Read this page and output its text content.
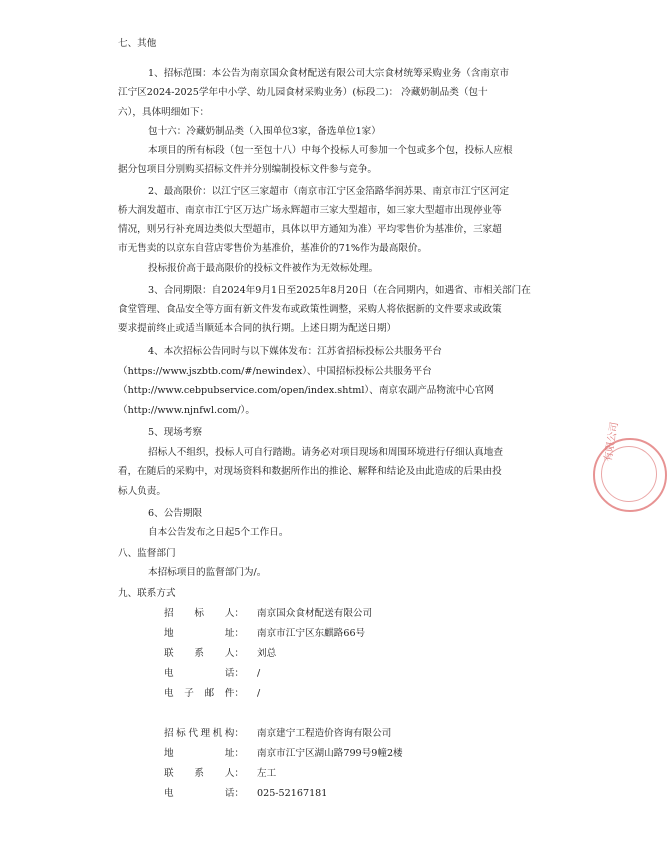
七、其他
1、招标范围：本公告为南京国众食材配送有限公司大宗食材统筹采购业务（含南京市
江宁区2024-2025学年中小学、幼儿园食材采购业务）(标段二)： 冷藏奶制品类（包十
六），具体明细如下：
包十六：冷藏奶制品类（入围单位3家，备选单位1家）
本项目的所有标段（包一至包十八）中每个投标人可参加一个包或多个包，投标人应根
据分包项目分别购买招标文件并分别编制投标文件参与竞争。
2、最高限价：以江宁区三家超市（南京市江宁区金箔路华润苏果、南京市江宁区河定
桥大润发超市、南京市江宁区万达广场永辉超市三家大型超市，如三家大型超市出现停业等
情况，则另行补充周边类似大型超市，具体以甲方通知为准）平均零售价为基准价，三家超
市无售卖的以京东自营店零售价为基准价，基准价的71%作为最高限价。
投标报价高于最高限价的投标文件被作为无效标处理。
3、合同期限：自2024年9月1日至2025年8月20日（在合同期内，如遇省、市相关部门在
食堂管理、食品安全等方面有新文件发布或政策性调整，采购人将依据新的文件要求或政策
要求提前终止或适当顺延本合同的执行期。上述日期为配送日期）
4、本次招标公告同时与以下媒体发布：江苏省招标投标公共服务平台
（https://www.jszbtb.com/#/newindex）、中国招标投标公共服务平台
（http://www.cebpubservice.com/open/index.shtml）、南京农副产品物流中心官网
（http://www.njnfwl.com/）。
5、现场考察
招标人不组织，投标人可自行踏勘。请务必对项目现场和周围环境进行仔细认真地查
看，在随后的采购中，对现场资料和数据所作出的推论、解释和结论及由此造成的后果由投
标人负责。
6、公告期限
自本公告发布之日起5个工作日。
八、监督部门
本招标项目的监督部门为/。
九、联系方式
招 标 人： 南京国众食材配送有限公司
地	址： 南京市江宁区东麒路66号
联 系 人： 刘总
电	话： /
电 子 邮 件： /
招 标 代 理 机 构： 南京建宁工程造价咨询有限公司
地	址： 南京市江宁区湖山路799号9幢2楼
联 系 人： 左工
电	话： 025-52167181
有限公司
